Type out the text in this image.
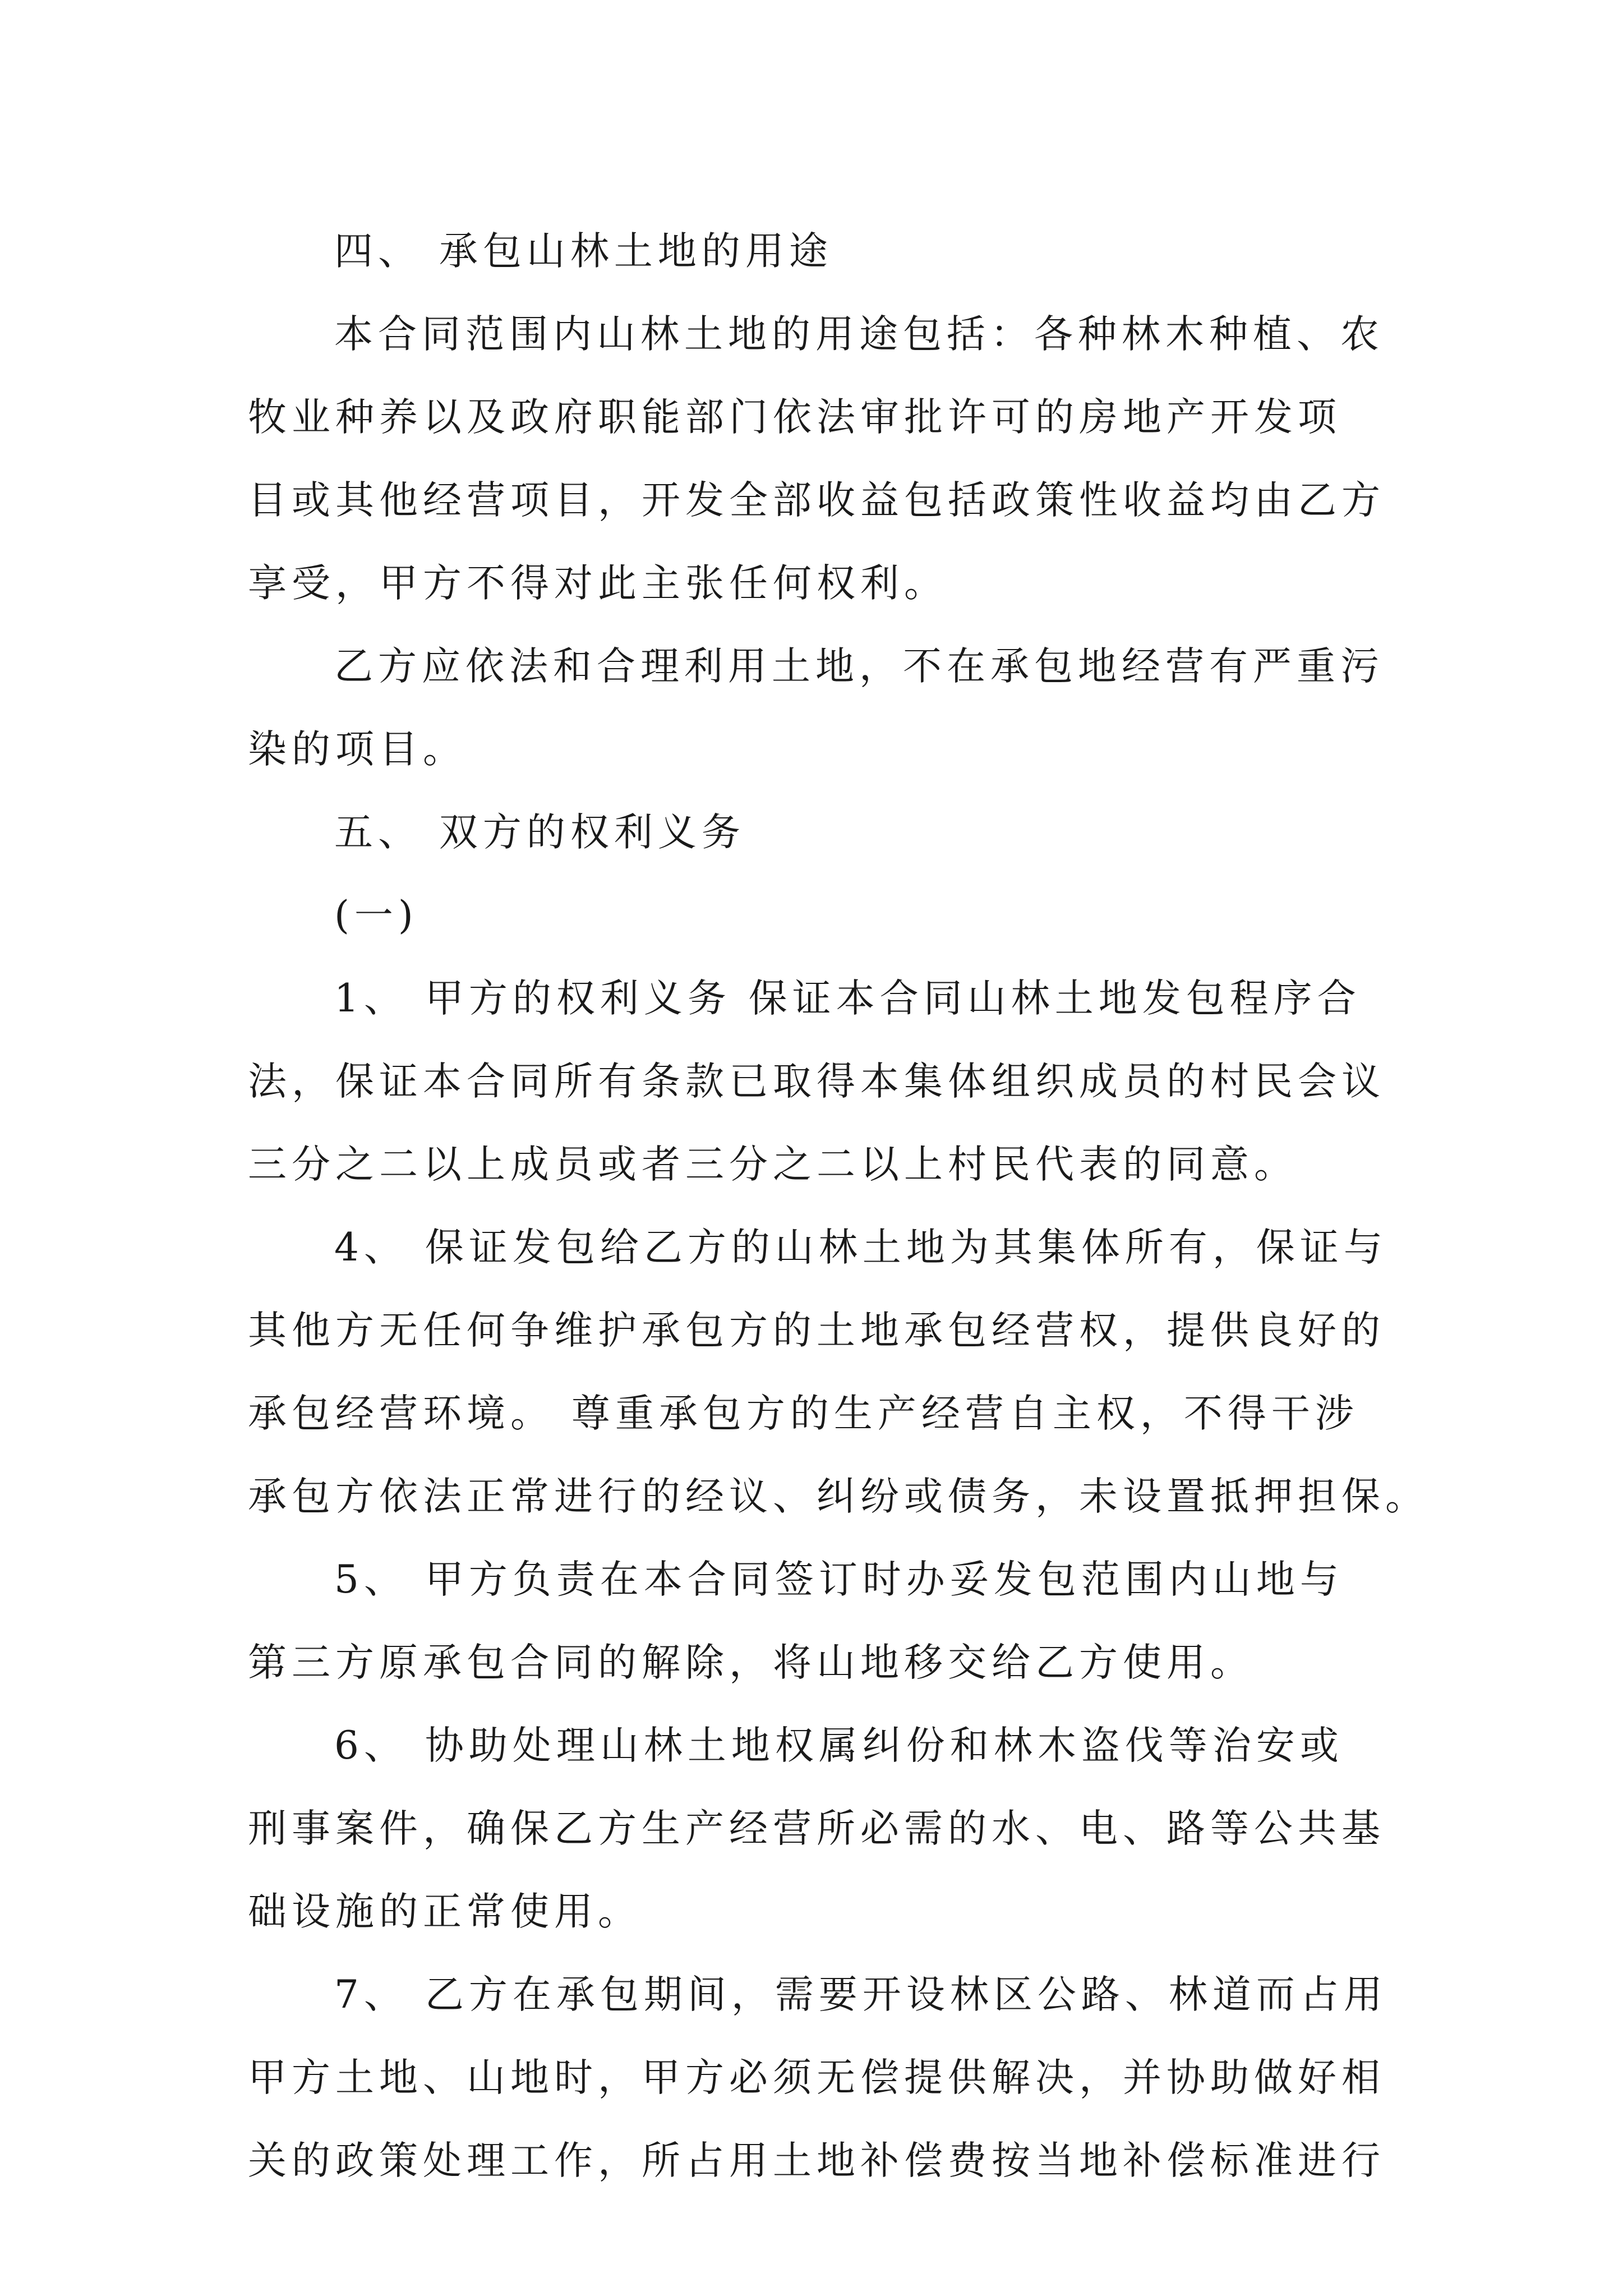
四、 承包山林土地的用途
本合同范围内山林土地的用途包括：各种林木种植、农
牧业种养以及政府职能部门依法审批许可的房地产开发项
目或其他经营项目，开发全部收益包括政策性收益均由乙方
享受，甲方不得对此主张任何权利。
乙方应依法和合理利用土地，不在承包地经营有严重污
染的项目。
五、 双方的权利义务
(一)
1、 甲方的权利义务 保证本合同山林土地发包程序合
法，保证本合同所有条款已取得本集体组织成员的村民会议
三分之二以上成员或者三分之二以上村民代表的同意。
4、 保证发包给乙方的山林土地为其集体所有，保证与
其他方无任何争维护承包方的土地承包经营权，提供良好的
承包经营环境。 尊重承包方的生产经营自主权，不得干涉
承包方依法正常进行的经议、纠纷或债务，未设置抵押担保。
5、 甲方负责在本合同签订时办妥发包范围内山地与
第三方原承包合同的解除，将山地移交给乙方使用。
6、 协助处理山林土地权属纠份和林木盗伐等治安或
刑事案件，确保乙方生产经营所必需的水、电、路等公共基
础设施的正常使用。
7、 乙方在承包期间，需要开设林区公路、林道而占用
甲方土地、山地时，甲方必须无偿提供解决，并协助做好相
关的政策处理工作，所占用土地补偿费按当地补偿标准进行
